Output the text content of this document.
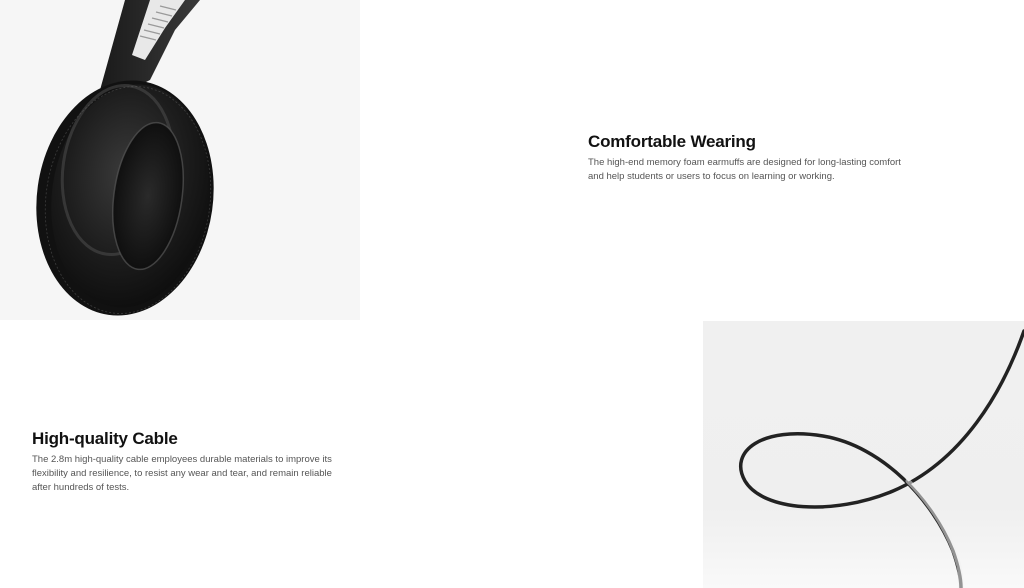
Comfortable Wearing

The high-end memory foam earmuffs are designed for long-lasting comfort and help students or users to focus on learning or working.

High-quality Cable

The 2.8m high-quality cable employees durable materials to improve its flexibility and resilience, to resist any wear and tear, and remain reliable after hundreds of tests.
